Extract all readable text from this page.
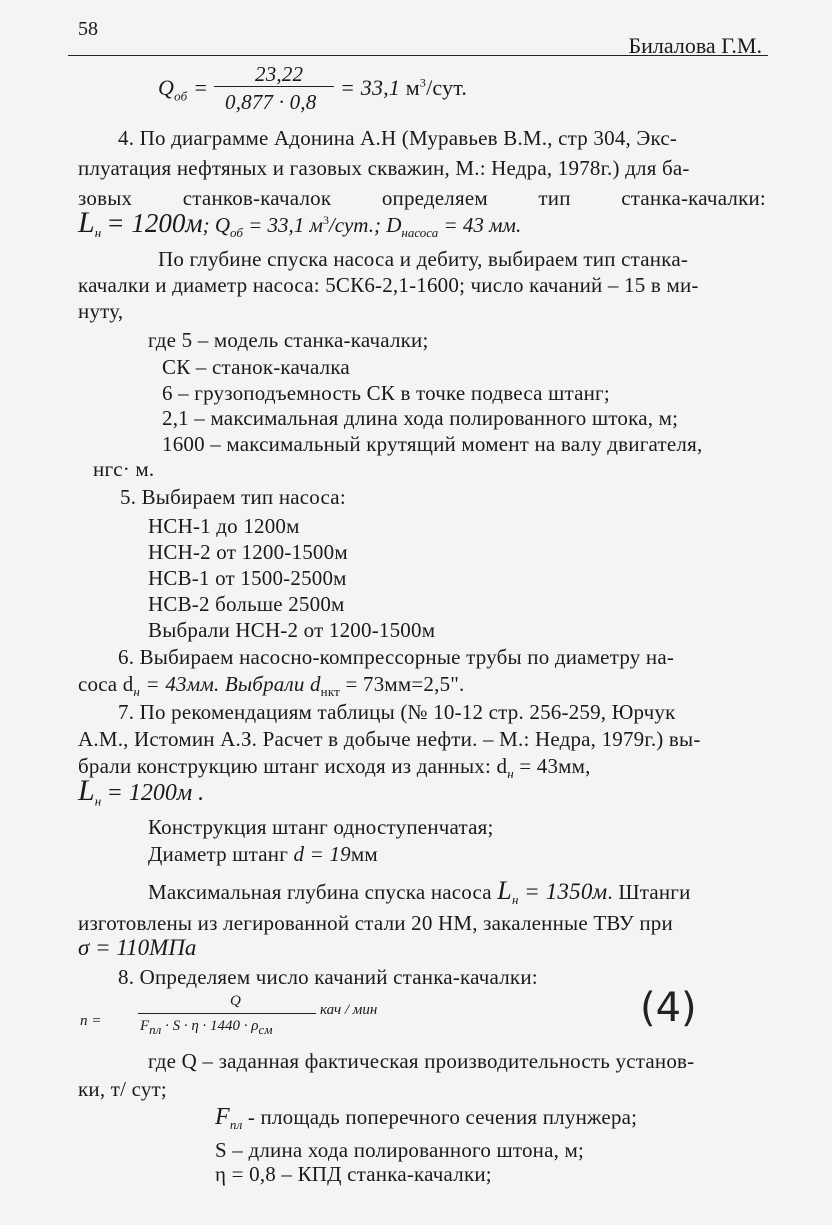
58
Билалова Г.М.
$Q_{об}$ =
23,22
0,877 · 0,8
= 33,1 $м^3$/сут.
4. По диаграмме Адонина А.Н (Муравьев В.М., стр 304, Экс-
плуатация нефтяных и газовых скважин, М.: Недра, 1978г.) для ба-
зовых станков-качалок определяем тип станка-качалки:
$L_н = 1200м$; $Q_{об} = 33,1$ $м^3$/сут.; $D_{насоса} = 43$ мм.
По глубине спуска насоса и дебиту, выбираем тип станка-
качалки и диаметр насоса: 5СК6-2,1-1600; число качаний – 15 в ми-
нуту,
где 5 – модель станка-качалки;
СК – станок-качалка
6 – грузоподъемность СК в точке подвеса штанг;
2,1 – максимальная длина хода полированного штока, м;
1600 – максимальный крутящий момент на валу двигателя,
нгс· м.
5. Выбираем тип насоса:
НСН-1 до 1200м
НСН-2 от 1200-1500м
НСВ-1 от 1500-2500м
НСВ-2 больше 2500м
Выбрали НСН-2 от 1200-1500м
6. Выбираем насосно-компрессорные трубы по диаметру на-
coca $d_н = 43мм$. Выбрали $d_{нкт} = 73мм=2,5$".
7. По рекомендациям таблицы (№ 10-12 стр. 256-259, Юрчук
А.М., Истомин А.З. Расчет в добыче нефти. – М.: Недра, 1979г.) вы-
брали конструкцию штанг исходя из данных: $d_н = 43мм$,
$L_н = 1200м$ .
Конструкция штанг одноступенчатая;
Диаметр штанг d = 19мм
Максимальная глубина спуска насоса $L_н = 1350м$. Штанги
изготовлены из легированной стали 20 НМ, закаленные ТВУ при
σ = 110МПа
8. Определяем число качаний станка-качалки:
n =
Q
$F_{пл} \cdot S \cdot \eta \cdot 1440 \cdot \rho_{см}$
кач / мин	(4)
где Q – заданная фактическая производительность установ-
ки, т/ сут;
$F_{пл}$ - площадь поперечного сечения плунжера;
S – длина хода полированного штона, м;
η = 0,8 – КПД станка-качалки;
